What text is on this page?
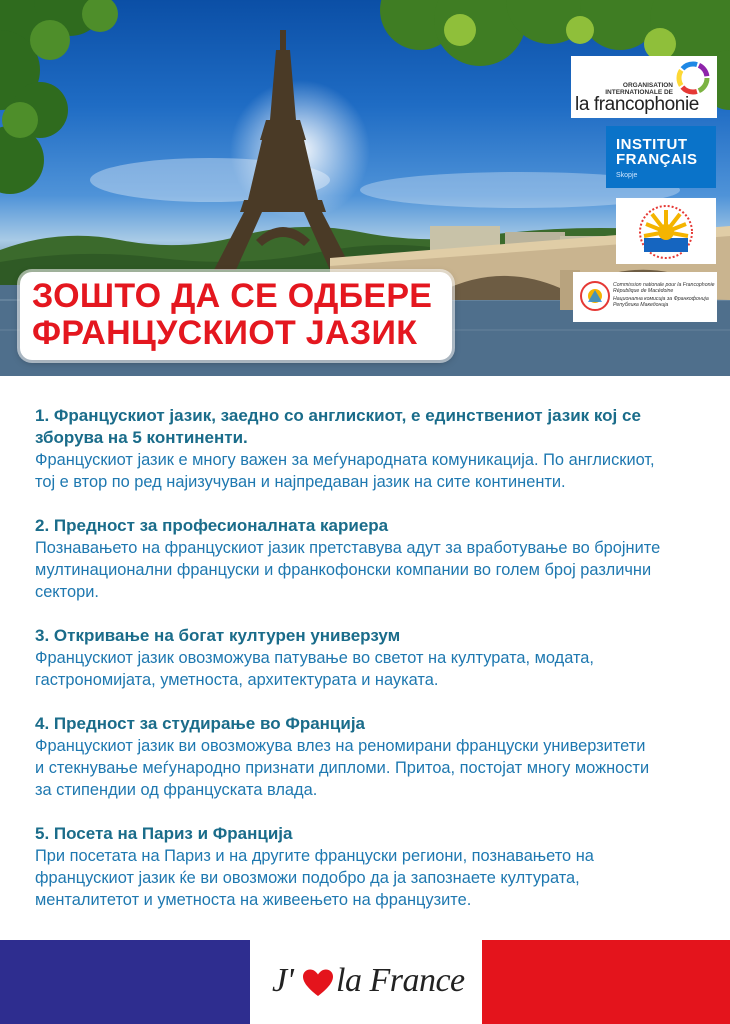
ЗОШТО ДА СЕ ОДБЕРЕ
ФРАНЦУСКИОТ ЈАЗИК
ORGANISATION INTERNATIONALE DE
la francophonie
INSTITUT
FRANÇAIS
Skopje
Commission nationale pour la Francophonie
République de Macédoine
Национална комисија за Франкофонија
Република Македонија
1. Францускиот јазик, заедно со англискиот, е единствениот јазик кој се
зборува на 5 континенти.
Францускиот јазик е многу важен за меѓународната комуникација. По англискиот,
тој е втор по ред најизучуван и најпредаван јазик на сите континенти.
2. Предност за професионалната кариера
Познавањето на францускиот јазик претставува адут за вработување во бројните
мултинационални француски и франкофонски компании во голем број различни
сектори.
3. Откривање на богат културен универзум
Францускиот јазик овозможува патување во светот на културата, модата,
гастрономијата, уметноста, архитектурата и науката.
4. Предност за студирање во Франција
Францускиот јазик ви овозможува влез на реномирани француски универзитети
и стекнување меѓународно признати дипломи. Притоа, постојат многу можности
за стипендии од француската влада.
5. Посета на Париз и Франција
При посетата на Париз и на другите француски региони, познавањето на
францускиот јазик ќе ви овозможи подобро да ја запознаете културата,
менталитетот и уметноста на живеењето на французите.
J' la France
